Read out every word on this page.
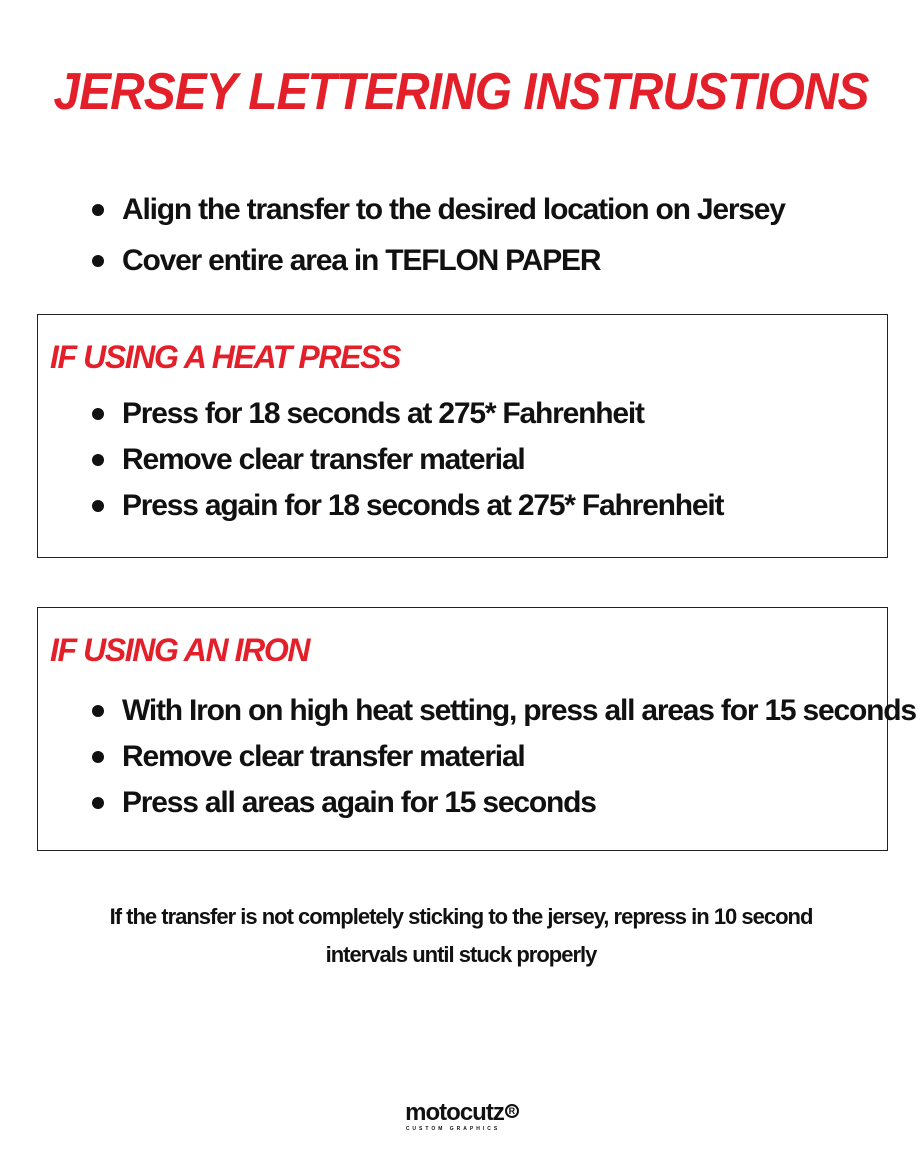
JERSEY LETTERING INSTRUSTIONS
Align the transfer to the desired location on Jersey
Cover entire area in TEFLON PAPER
IF USING A HEAT PRESS
Press for 18 seconds at 275* Fahrenheit
Remove clear transfer material
Press again for 18 seconds at 275* Fahrenheit
IF USING AN IRON
With Iron on high heat setting, press all areas for 15 seconds
Remove clear transfer material
Press all areas again for 15 seconds
If the transfer is not completely sticking to the jersey, repress in 10 second
intervals until stuck properly
motocutz R
CUSTOM GRAPHICS
